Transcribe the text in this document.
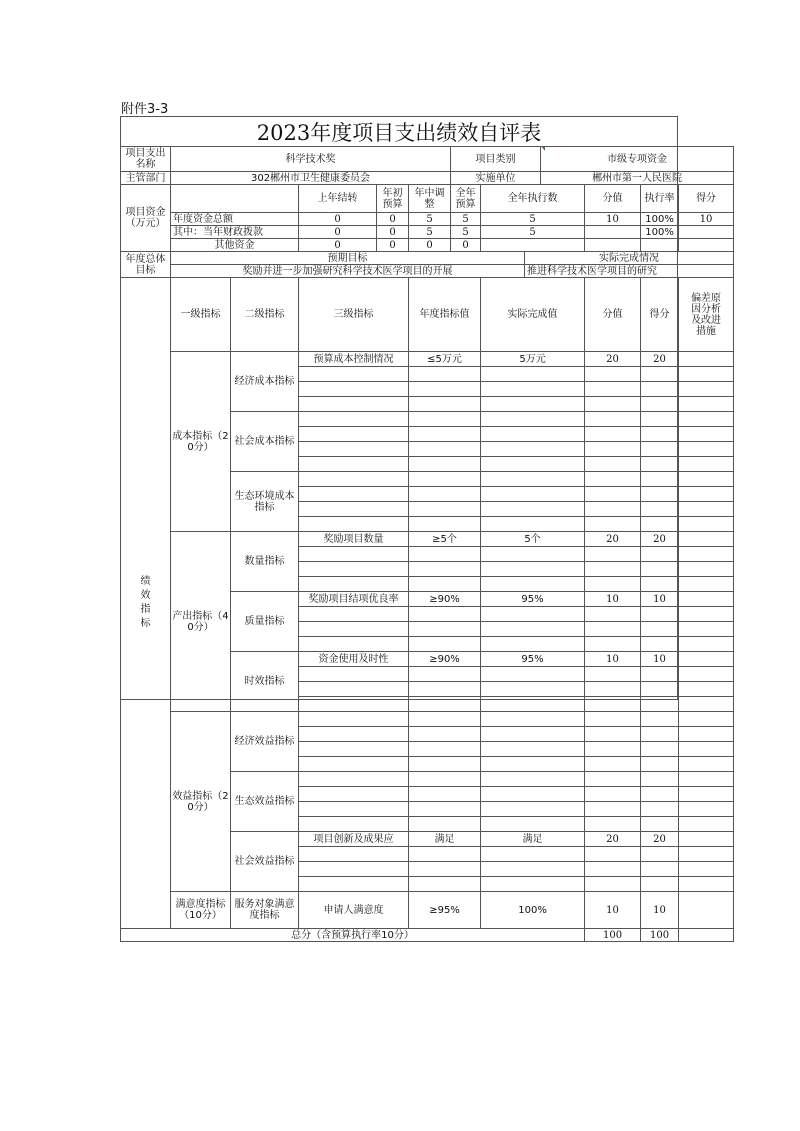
附件3-3
2023年度项目支出绩效自评表
项目支出名称	科学技术奖					项目类别			市级专项资金			
主管部门	302郴州市卫生健康委员会					实施单位			郴州市第一人民医院			
项目资金（万元）			上年结转	年初预算	年中调整	全年预算	全年执行数			分值	执行率	得分
	年度资金总额		0	0	5	5	5			10	100%	10
	其中：当年财政拨款		0	0	5	5	5				100%	
	其他资金		0	0	0	0						
年度总体目标	预期目标							实际完成情况				
	奖励并进一步加强研究科学技术医学项目的开展							推进科学技术医学项目的研究				
绩
效
指
标	一级指标	二级指标	三级指标		年度指标值		实际完成值			分值	得分	偏差原因分析及改进措施
	成本指标（20分）	经济成本指标	预算成本控制情况		≤5万元		5万元			20	20	

		社会成本指标										

		生态环境成本指标										

	产出指标（40分）	数量指标	奖励项目数量		≥5个		5个			20	20	

		质量指标	奖励项目结项优良率		≥90%		95%			10	10	

		时效指标	资金使用及时性		≥90%		95%			10	10	

	效益指标（20分）	经济效益指标										

		生态效益指标										

		社会效益指标	项目创新及成果应		满足		满足			20	20	

	满意度指标（10分）	服务对象满意度指标	申请人满意度		≥95%		100%			10	10	
总分（含预算执行率10分）										100	100	
